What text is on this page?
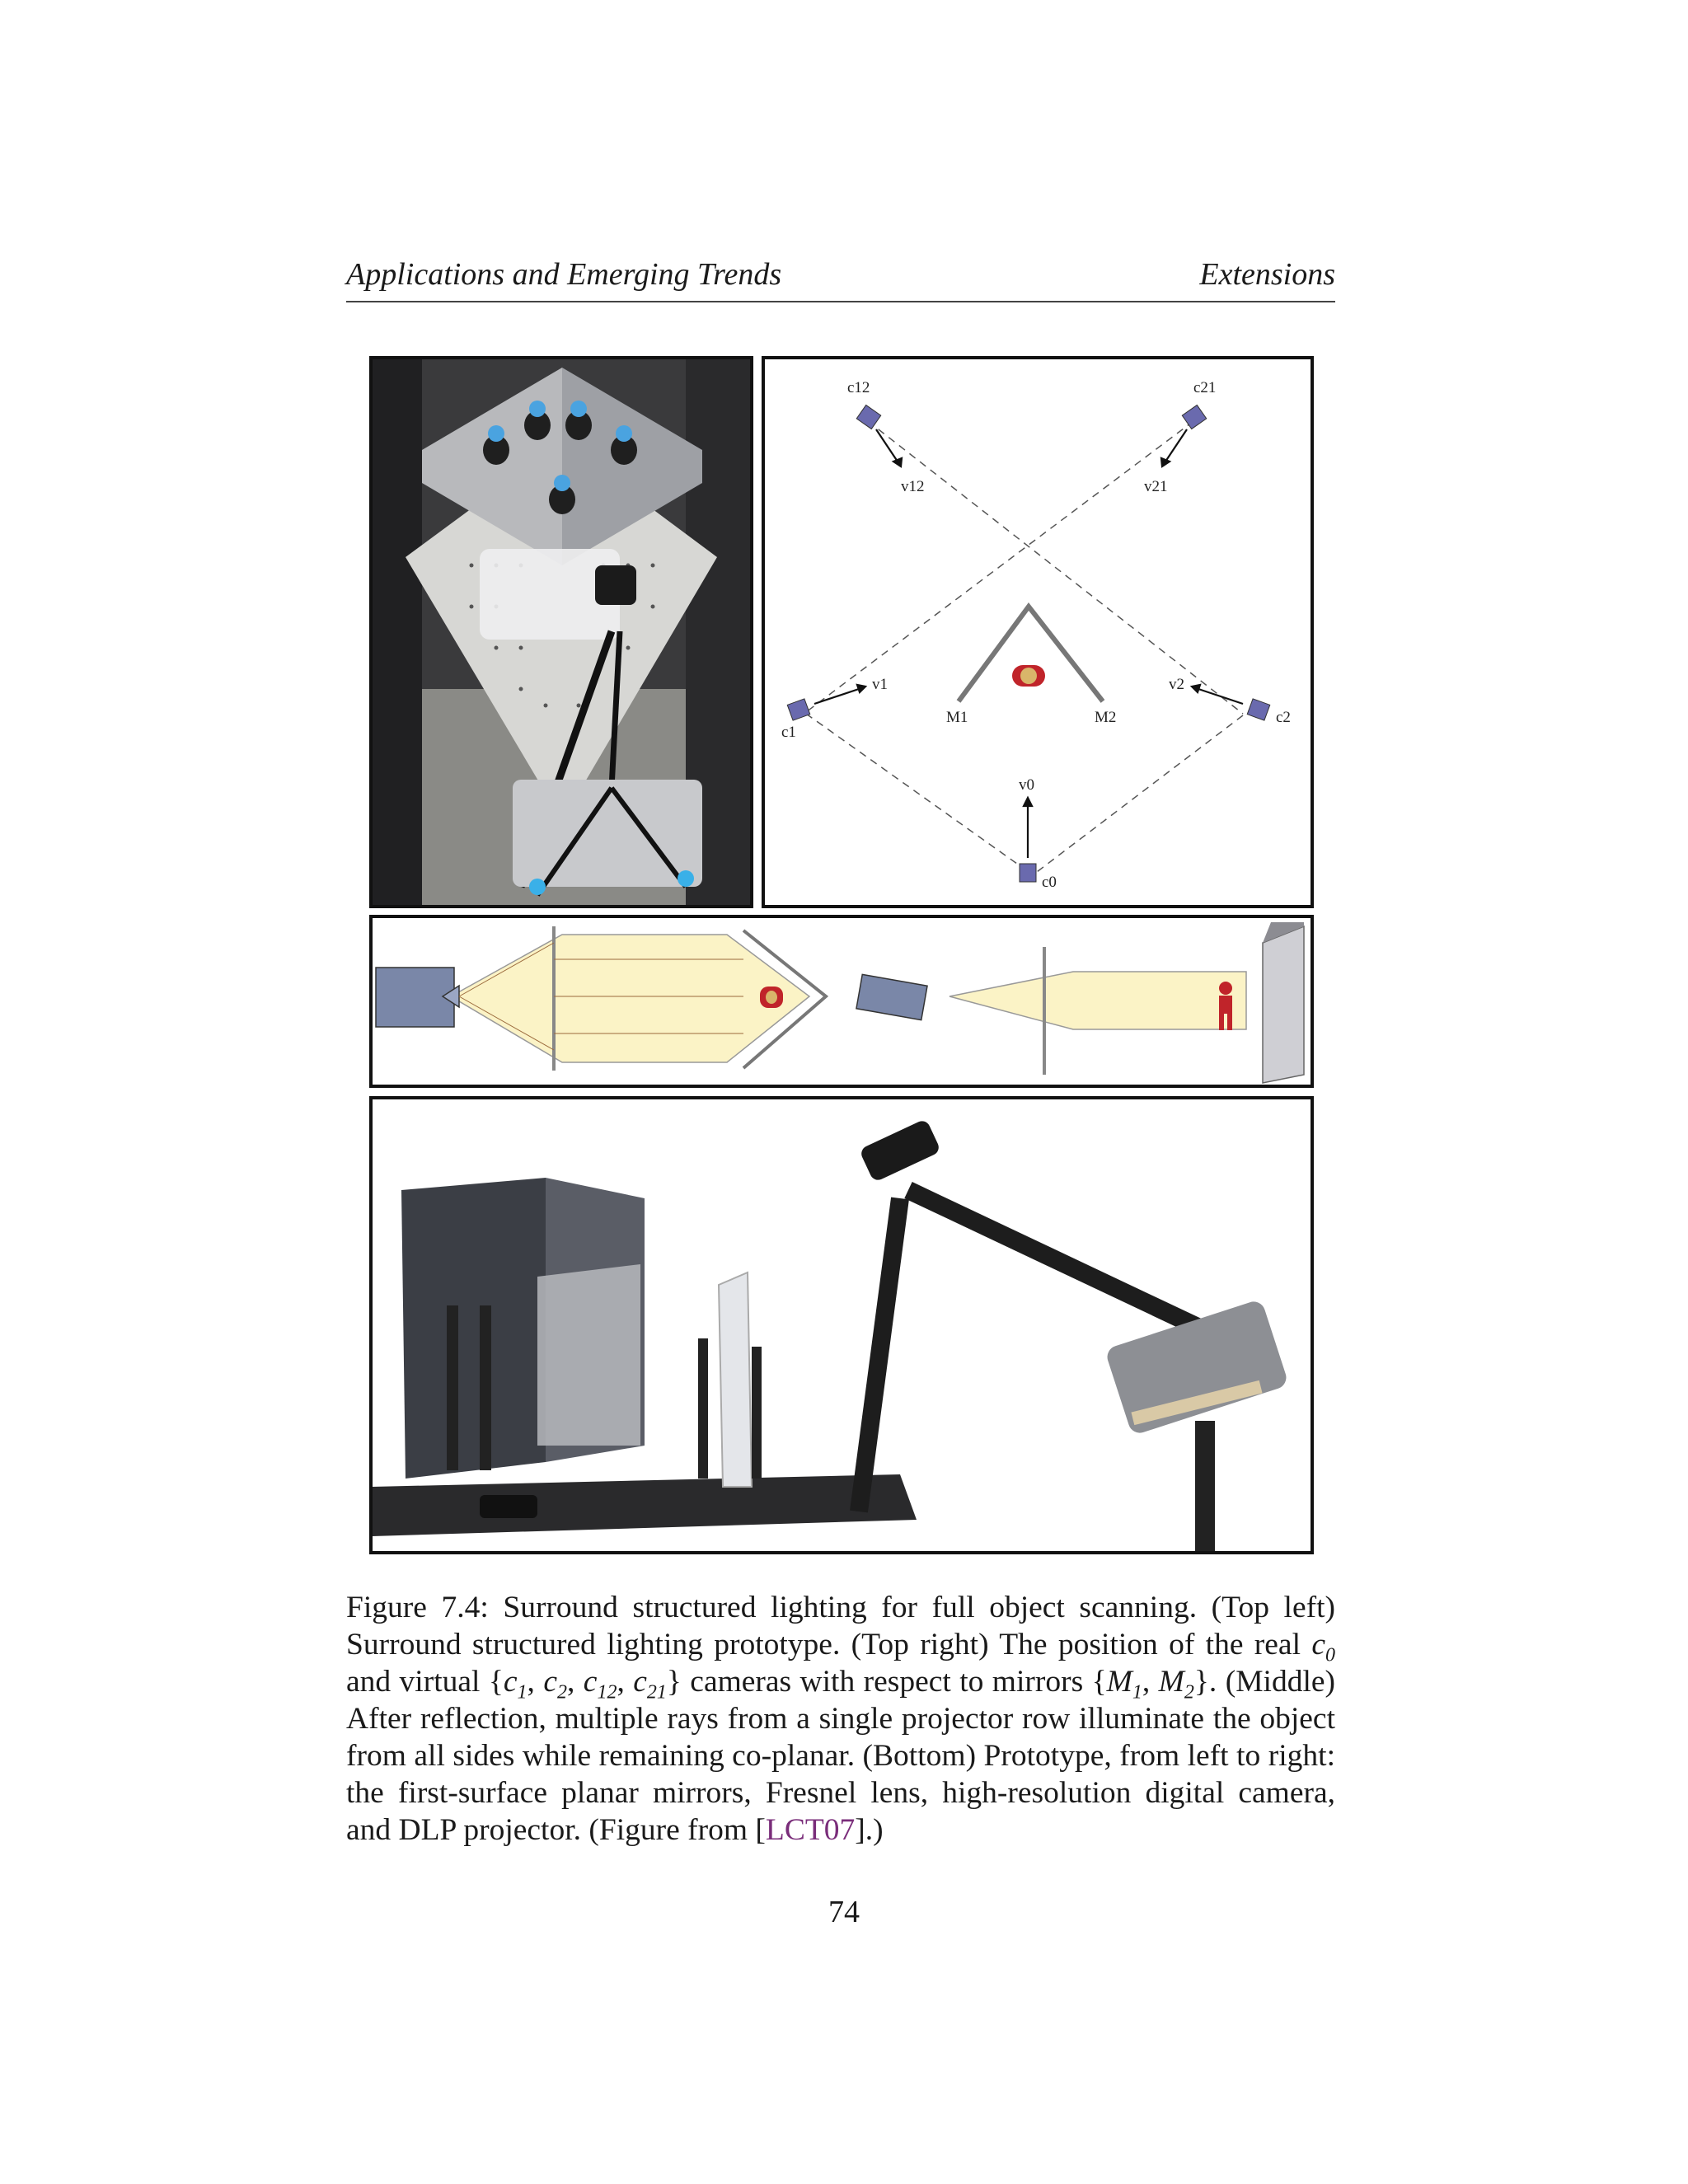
Applications and Emerging Trends	Extensions
c12	c21
v12	v21
v1	v2
c1
c2
M1	M2
v0
c0
Figure 7.4: Surround structured lighting for full object scanning. (Top left) Surround structured lighting prototype. (Top right) The position of the real $c_0$ and virtual {$c_1$, $c_2$, $c_{12}$, $c_{21}$} cameras with respect to mirrors {$M_1$, $M_2$}. (Middle) After reflection, multiple rays from a single projector row illuminate the object from all sides while remaining co-planar. (Bottom) Prototype, from left to right: the first-surface planar mirrors, Fresnel lens, high-resolution digital camera, and DLP projector. (Figure from [LCT07].)
74
